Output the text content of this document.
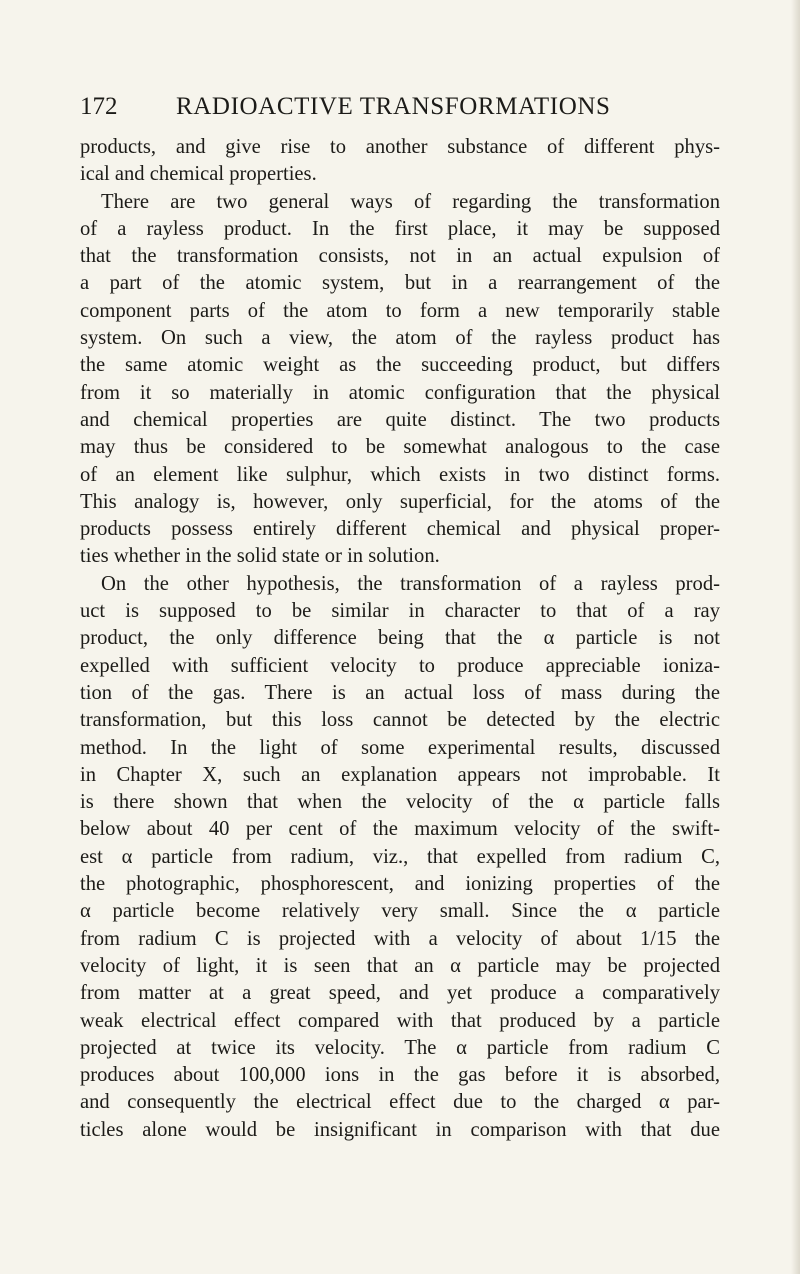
172 RADIOACTIVE TRANSFORMATIONS

products, and give rise to another substance of different phys-
ical and chemical properties.

There are two general ways of regarding the transformation
of a rayless product. In the first place, it may be supposed
that the transformation consists, not in an actual expulsion of
a part of the atomic system, but in a rearrangement of the
component parts of the atom to form a new temporarily stable
system. On such a view, the atom of the rayless product has
the same atomic weight as the succeeding product, but differs
from it so materially in atomic configuration that the physical
and chemical properties are quite distinct. The two products
may thus be considered to be somewhat analogous to the case
of an element like sulphur, which exists in two distinct forms.
This analogy is, however, only superficial, for the atoms of the
products possess entirely different chemical and physical proper-
ties whether in the solid state or in solution.

On the other hypothesis, the transformation of a rayless prod-
uct is supposed to be similar in character to that of a ray
product, the only difference being that the α particle is not
expelled with sufficient velocity to produce appreciable ioniza-
tion of the gas. There is an actual loss of mass during the
transformation, but this loss cannot be detected by the electric
method. In the light of some experimental results, discussed
in Chapter X, such an explanation appears not improbable. It
is there shown that when the velocity of the α particle falls
below about 40 per cent of the maximum velocity of the swift-
est α particle from radium, viz., that expelled from radium C,
the photographic, phosphorescent, and ionizing properties of the
α particle become relatively very small. Since the α particle
from radium C is projected with a velocity of about 1/15 the
velocity of light, it is seen that an α particle may be projected
from matter at a great speed, and yet produce a comparatively
weak electrical effect compared with that produced by a particle
projected at twice its velocity. The α particle from radium C
produces about 100,000 ions in the gas before it is absorbed,
and consequently the electrical effect due to the charged α par-
ticles alone would be insignificant in comparison with that due
